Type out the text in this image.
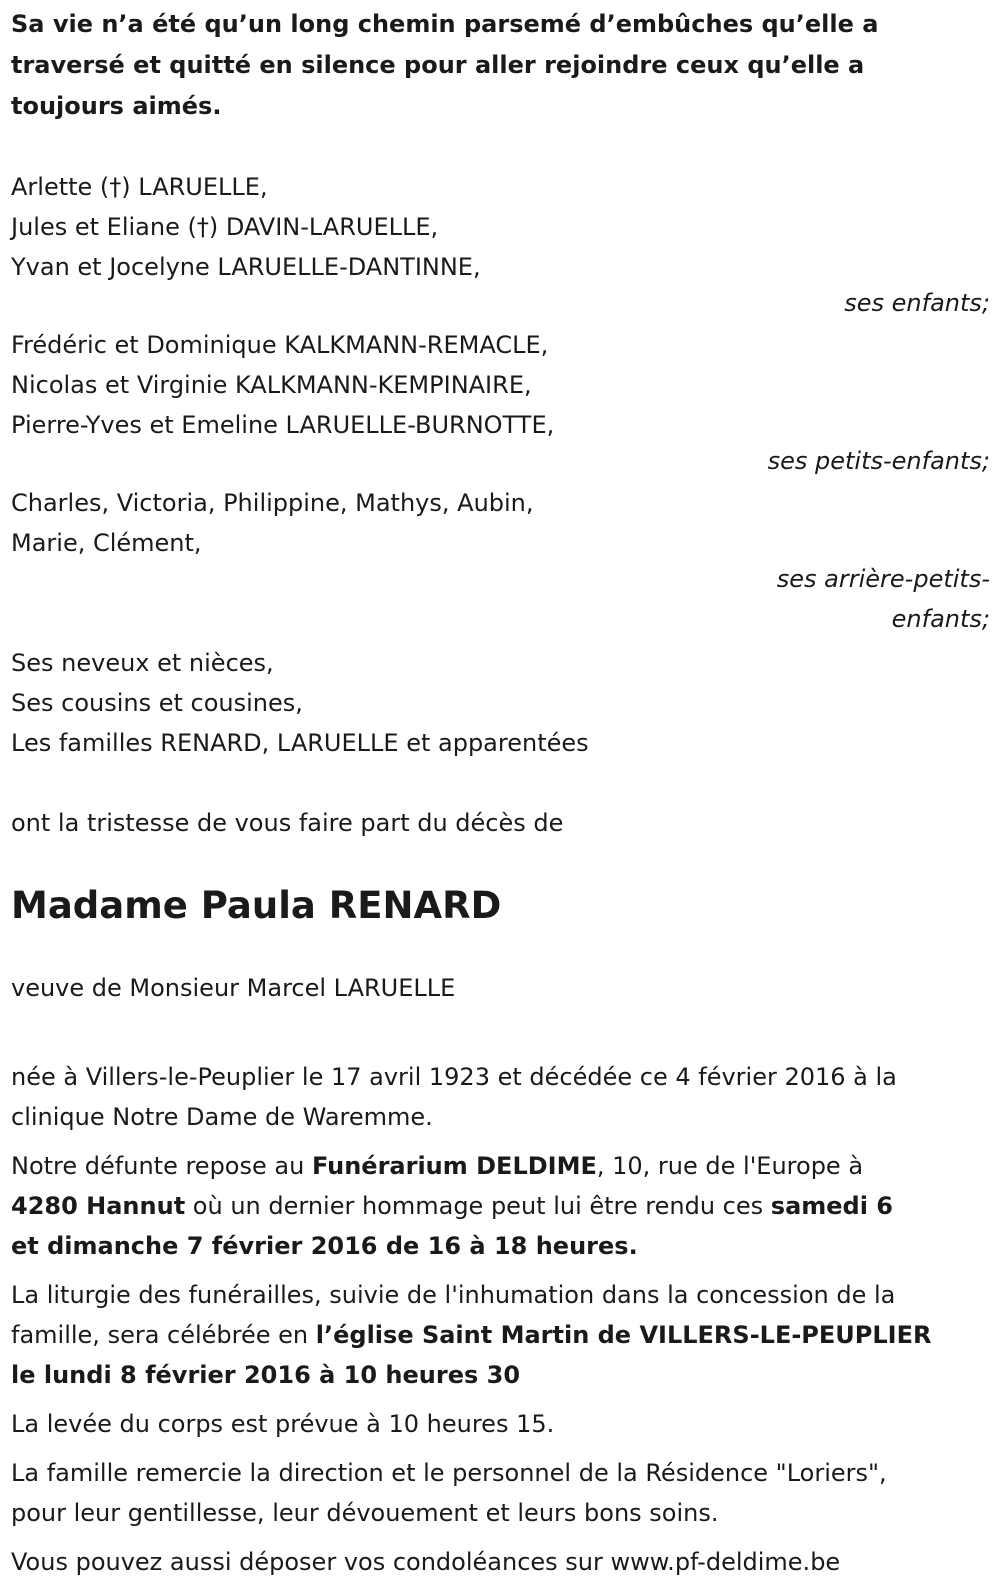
Sa vie n’a été qu’un long chemin parsemé d’embûches qu’elle a
traversé et quitté en silence pour aller rejoindre ceux qu’elle a
toujours aimés.
Arlette (†) LARUELLE,
Jules et Eliane (†) DAVIN-LARUELLE,
Yvan et Jocelyne LARUELLE-DANTINNE,
ses enfants;
Frédéric et Dominique KALKMANN-REMACLE,
Nicolas et Virginie KALKMANN-KEMPINAIRE,
Pierre-Yves et Emeline LARUELLE-BURNOTTE,
ses petits-enfants;
Charles, Victoria, Philippine, Mathys, Aubin,
Marie, Clément,
ses arrière-petits-
enfants;
Ses neveux et nièces,
Ses cousins et cousines,
Les familles RENARD, LARUELLE et apparentées
ont la tristesse de vous faire part du décès de
Madame Paula RENARD
veuve de Monsieur Marcel LARUELLE
née à Villers-le-Peuplier le 17 avril 1923 et décédée ce 4 février 2016 à la
clinique Notre Dame de Waremme.
Notre défunte repose au Funérarium DELDIME, 10, rue de l'Europe à
4280 Hannut où un dernier hommage peut lui être rendu ces samedi 6
et dimanche 7 février 2016 de 16 à 18 heures.
La liturgie des funérailles, suivie de l'inhumation dans la concession de la
famille, sera célébrée en l’église Saint Martin de VILLERS-LE-PEUPLIER
le lundi 8 février 2016 à 10 heures 30
La levée du corps est prévue à 10 heures 15.
La famille remercie la direction et le personnel de la Résidence "Loriers",
pour leur gentillesse, leur dévouement et leurs bons soins.
Vous pouvez aussi déposer vos condoléances sur www.pf-deldime.be
